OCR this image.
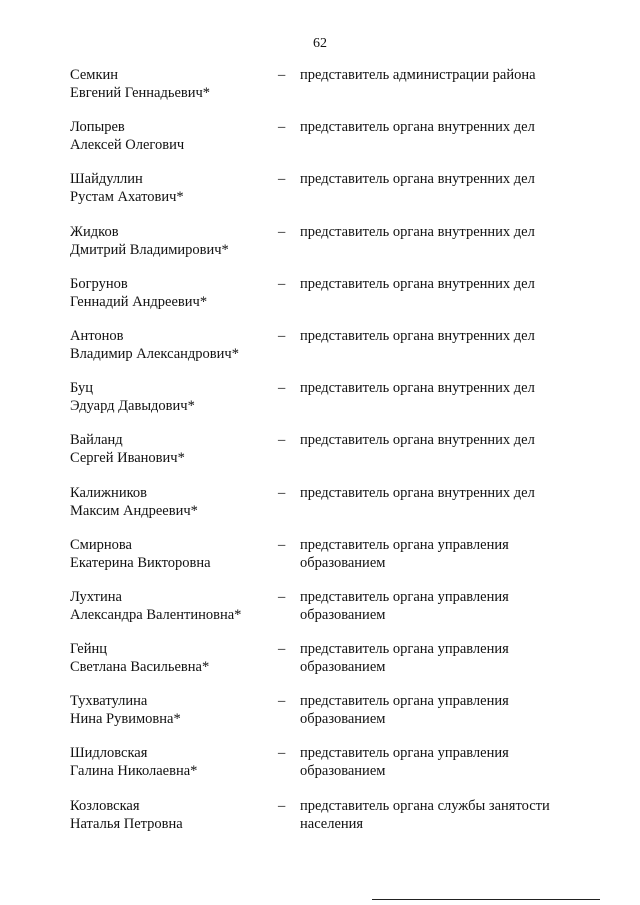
62
Семкин
Евгений Геннадьевич*
– представитель администрации района
Лопырев
Алексей Олегович
– представитель органа внутренних дел
Шайдуллин
Рустам Ахатович*
– представитель органа внутренних дел
Жидков
Дмитрий Владимирович*
– представитель органа внутренних дел
Богрунов
Геннадий Андреевич*
– представитель органа внутренних дел
Антонов
Владимир Александрович*
– представитель органа внутренних дел
Буц
Эдуард Давыдович*
– представитель органа внутренних дел
Вайланд
Сергей Иванович*
– представитель органа внутренних дел
Калижников
Максим Андреевич*
– представитель органа внутренних дел
Смирнова
Екатерина Викторовна
– представитель органа управления
образованием
Лухтина
Александра Валентиновна*
– представитель органа управления
образованием
Гейнц
Светлана Васильевна*
– представитель органа управления
образованием
Тухватулина
Нина Рувимовна*
– представитель органа управления
образованием
Шидловская
Галина Николаевна*
– представитель органа управления
образованием
Козловская
Наталья Петровна
– представитель органа службы занятости
населения
